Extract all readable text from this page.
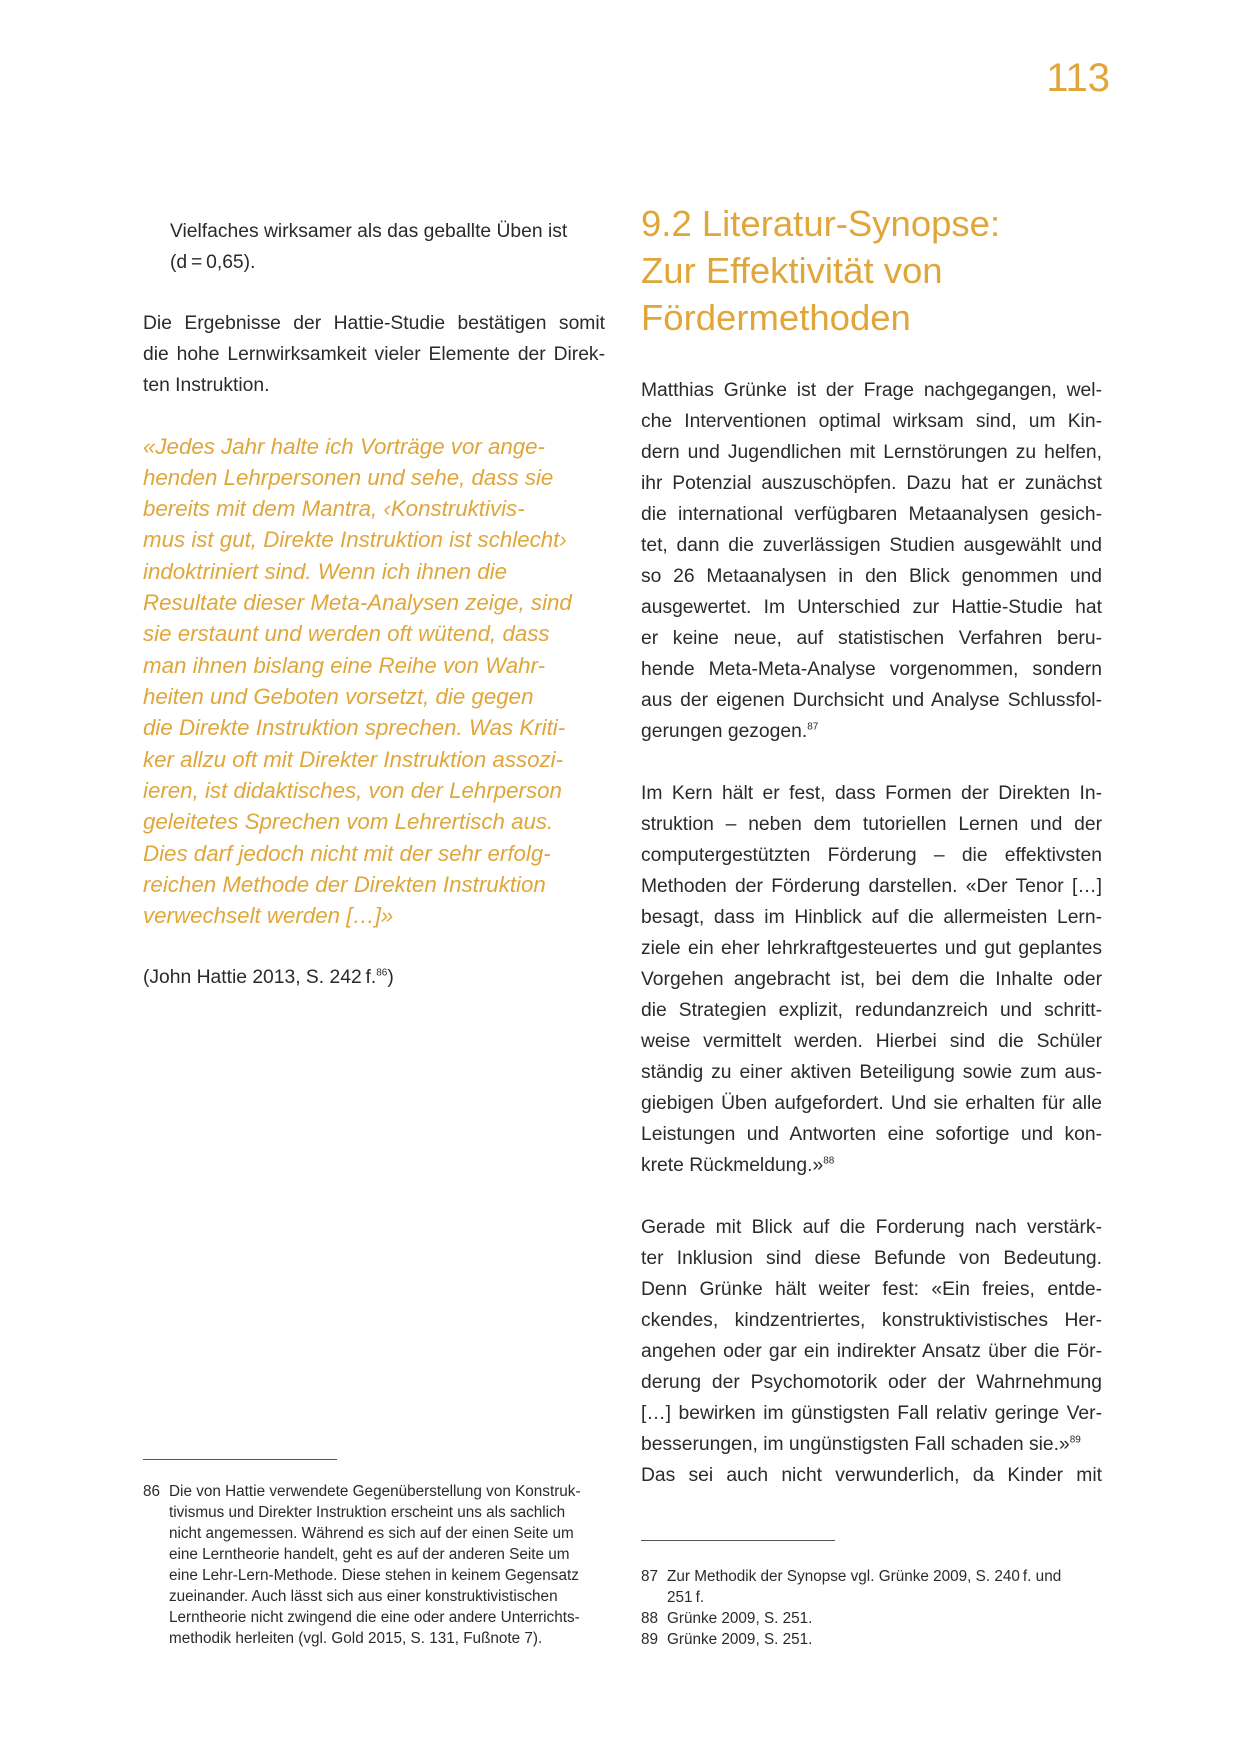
113
Vielfaches wirksamer als das geballte Üben ist
(d = 0,65).
Die Ergebnisse der Hattie-Studie bestätigen somit
die hohe Lernwirksamkeit vieler Elemente der Direk-
ten Instruktion.
«Jedes Jahr halte ich Vorträge vor ange-
henden Lehrpersonen und sehe, dass sie
bereits mit dem Mantra, ‹Konstruktivis-
mus ist gut, Direkte Instruktion ist schlecht›
indoktriniert sind. Wenn ich ihnen die
Resultate dieser Meta-Analysen zeige, sind
sie erstaunt und werden oft wütend, dass
man ihnen bislang eine Reihe von Wahr-
heiten und Geboten vorsetzt, die gegen
die Direkte Instruktion sprechen. Was Kriti-
ker allzu oft mit Direkter Instruktion assozi-
ieren, ist didaktisches, von der Lehrperson
geleitetes Sprechen vom Lehrertisch aus.
Dies darf jedoch nicht mit der sehr erfolg-
reichen Methode der Direkten Instruktion
verwechselt werden […]»
(John Hattie 2013, S. 242 f.$^{86}$)
86 Die von Hattie verwendete Gegenüberstellung von Konstruk-
tivismus und Direkter Instruktion erscheint uns als sachlich
nicht angemessen. Während es sich auf der einen Seite um
eine Lerntheorie handelt, geht es auf der anderen Seite um
eine Lehr-Lern-Methode. Diese stehen in keinem Gegensatz
zueinander. Auch lässt sich aus einer konstruktivistischen
Lerntheorie nicht zwingend die eine oder andere Unterrichts-
methodik herleiten (vgl. Gold 2015, S. 131, Fußnote 7).
9.2 Literatur-Synopse:
Zur Effektivität von
Fördermethoden
Matthias Grünke ist der Frage nachgegangen, wel-
che Interventionen optimal wirksam sind, um Kin-
dern und Jugendlichen mit Lernstörungen zu helfen,
ihr Potenzial auszuschöpfen. Dazu hat er zunächst
die international verfügbaren Metaanalysen gesich-
tet, dann die zuverlässigen Studien ausgewählt und
so 26 Metaanalysen in den Blick genommen und
ausgewertet. Im Unterschied zur Hattie-Studie hat
er keine neue, auf statistischen Verfahren beru-
hende Meta-Meta-Analyse vorgenommen, sondern
aus der eigenen Durchsicht und Analyse Schlussfol-
gerungen gezogen.$^{87}$
Im Kern hält er fest, dass Formen der Direkten In-
struktion – neben dem tutoriellen Lernen und der
computergestützten Förderung – die effektivsten
Methoden der Förderung darstellen. «Der Tenor […]
besagt, dass im Hinblick auf die allermeisten Lern-
ziele ein eher lehrkraftgesteuertes und gut geplantes
Vorgehen angebracht ist, bei dem die Inhalte oder
die Strategien explizit, redundanzreich und schritt-
weise vermittelt werden. Hierbei sind die Schüler
ständig zu einer aktiven Beteiligung sowie zum aus-
giebigen Üben aufgefordert. Und sie erhalten für alle
Leistungen und Antworten eine sofortige und kon-
krete Rückmeldung.»$^{88}$
Gerade mit Blick auf die Forderung nach verstärk-
ter Inklusion sind diese Befunde von Bedeutung.
Denn Grünke hält weiter fest: «Ein freies, entde-
ckendes, kindzentriertes, konstruktivistisches Her-
angehen oder gar ein indirekter Ansatz über die För-
derung der Psychomotorik oder der Wahrnehmung
[…] bewirken im günstigsten Fall relativ geringe Ver-
besserungen, im ungünstigsten Fall schaden sie.»$^{89}$
Das sei auch nicht verwunderlich, da Kinder mit
87 Zur Methodik der Synopse vgl. Grünke 2009, S. 240 f. und
251 f.
88 Grünke 2009, S. 251.
89 Grünke 2009, S. 251.
